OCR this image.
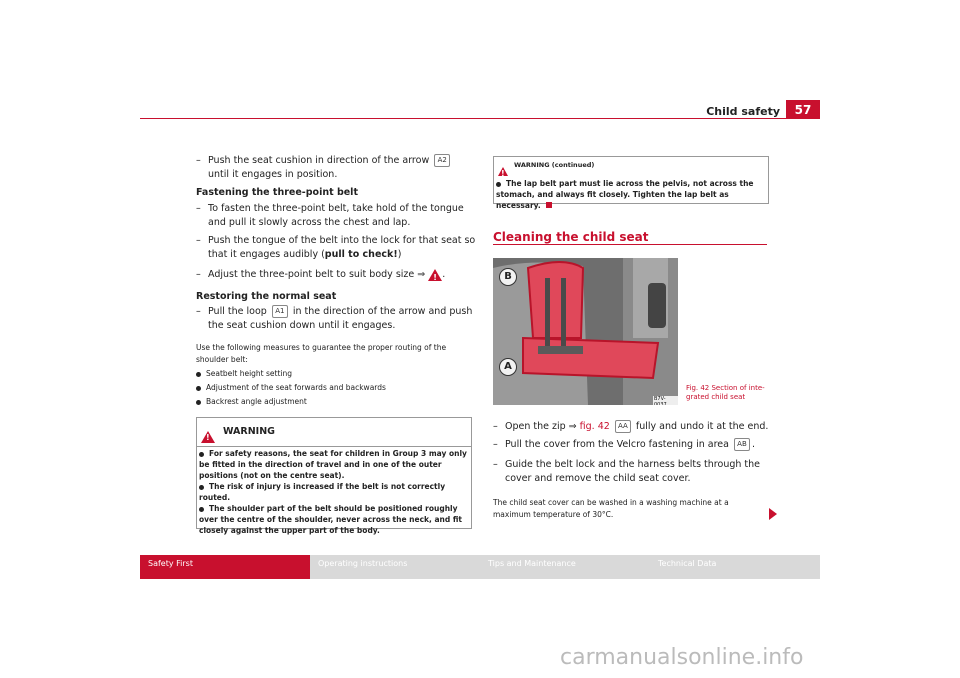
Child safety	57
– Push the seat cushion in direction of the arrow A2 until it engages in position.
Fastening the three-point belt
– To fasten the three-point belt, take hold of the tongue and pull it slowly across the chest and lap.
– Push the tongue of the belt into the lock for that seat so that it engages audibly (pull to check!)
– Adjust the three-point belt to suit body size ⇒ ! .
Restoring the normal seat
– Pull the loop A1 in the direction of the arrow and push the seat cushion down until it engages.
Use the following measures to guarantee the proper routing of the shoulder belt:
Seatbelt height setting
Adjustment of the seat forwards and backwards
Backrest angle adjustment
!
WARNING
For safety reasons, the seat for children in Group 3 may only be fitted in the direction of travel and in one of the outer positions (not on the centre seat).
The risk of injury is increased if the belt is not correctly routed.
The shoulder part of the belt should be positioned roughly over the centre of the shoulder, never across the neck, and fit closely against the upper part of the body.
!
WARNING (continued)
The lap belt part must lie across the pelvis, not across the stomach, and always fit closely. Tighten the lap belt as necessary.
Cleaning the child seat
B
A
B7V-0037
Fig. 42 Section of inte-grated child seat
– Open the zip ⇒ fig. 42 AA fully and undo it at the end.
– Pull the cover from the Velcro fastening in area AB .
– Guide the belt lock and the harness belts through the cover and remove the child seat cover.
The child seat cover can be washed in a washing machine at a maximum temperature of 30°C.
Safety First	Operating instructions	Tips and Maintenance	Technical Data
carmanualsonline.info
